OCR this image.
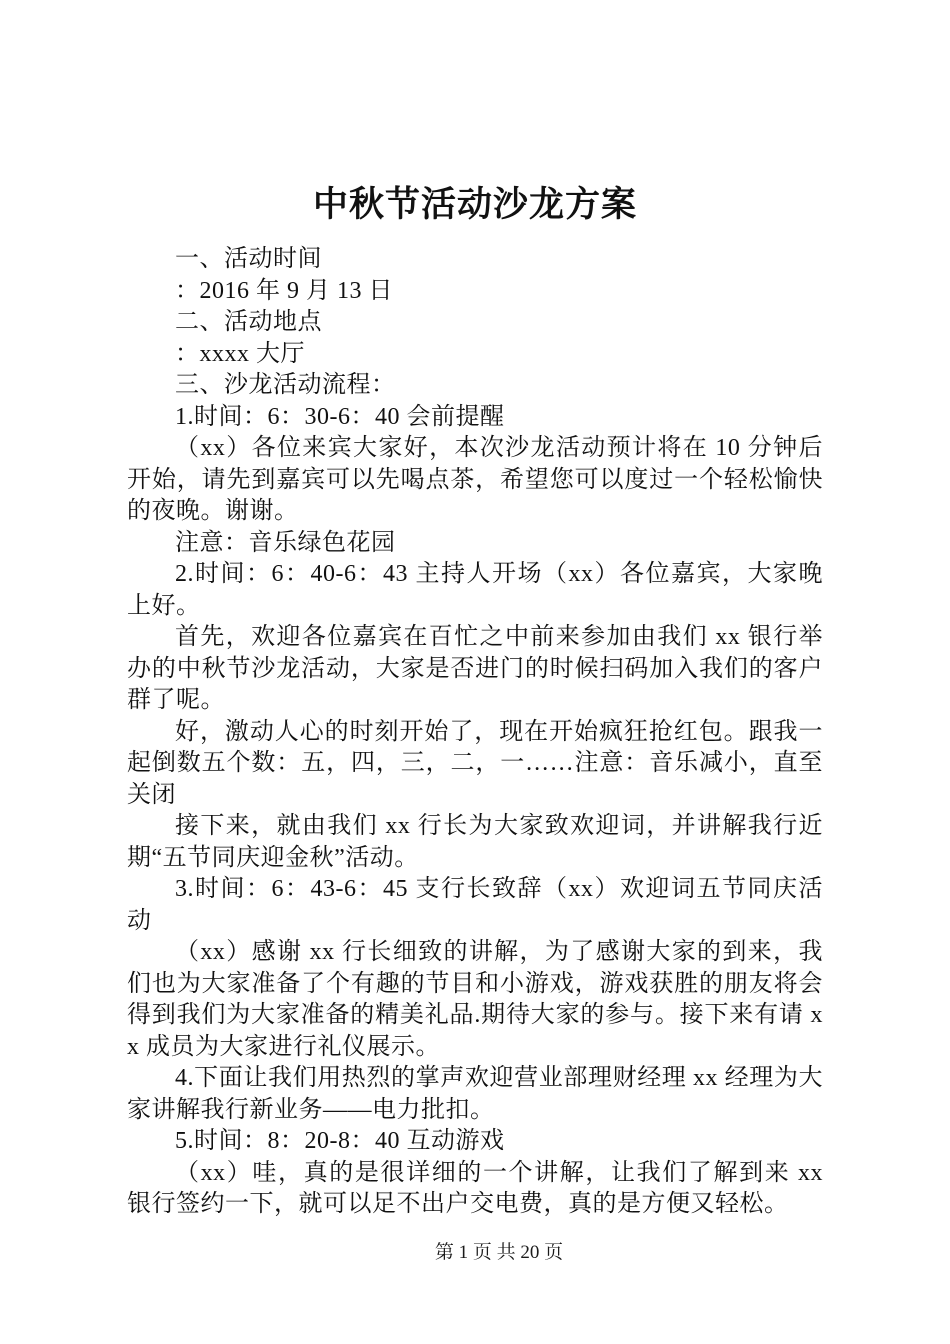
中秋节活动沙龙方案

一、活动时间

：2016 年 9 月 13 日

二、活动地点

：xxxx 大厅

三、沙龙活动流程：

1.时间：6：30-6：40 会前提醒

（xx）各位来宾大家好，本次沙龙活动预计将在 10 分钟后开始，请先到嘉宾可以先喝点茶，希望您可以度过一个轻松愉快的夜晚。谢谢。

注意：音乐绿色花园

2.时间：6：40-6：43 主持人开场（xx）各位嘉宾，大家晚上好。

首先，欢迎各位嘉宾在百忙之中前来参加由我们 xx 银行举办的中秋节沙龙活动，大家是否进门的时候扫码加入我们的客户群了呢。

好，激动人心的时刻开始了，现在开始疯狂抢红包。跟我一起倒数五个数：五，四，三，二，一……注意：音乐减小，直至关闭

接下来，就由我们 xx 行长为大家致欢迎词，并讲解我行近期“五节同庆迎金秋”活动。

3.时间：6：43-6：45 支行长致辞（xx）欢迎词五节同庆活动

（xx）感谢 xx 行长细致的讲解，为了感谢大家的到来，我们也为大家准备了个有趣的节目和小游戏，游戏获胜的朋友将会得到我们为大家准备的精美礼品.期待大家的参与。接下来有请 xx 成员为大家进行礼仪展示。

4.下面让我们用热烈的掌声欢迎营业部理财经理 xx 经理为大家讲解我行新业务——电力批扣。

5.时间：8：20-8：40 互动游戏

（xx）哇，真的是很详细的一个讲解，让我们了解到来 xx 银行签约一下，就可以足不出户交电费，真的是方便又轻松。

第 1 页 共 20 页
